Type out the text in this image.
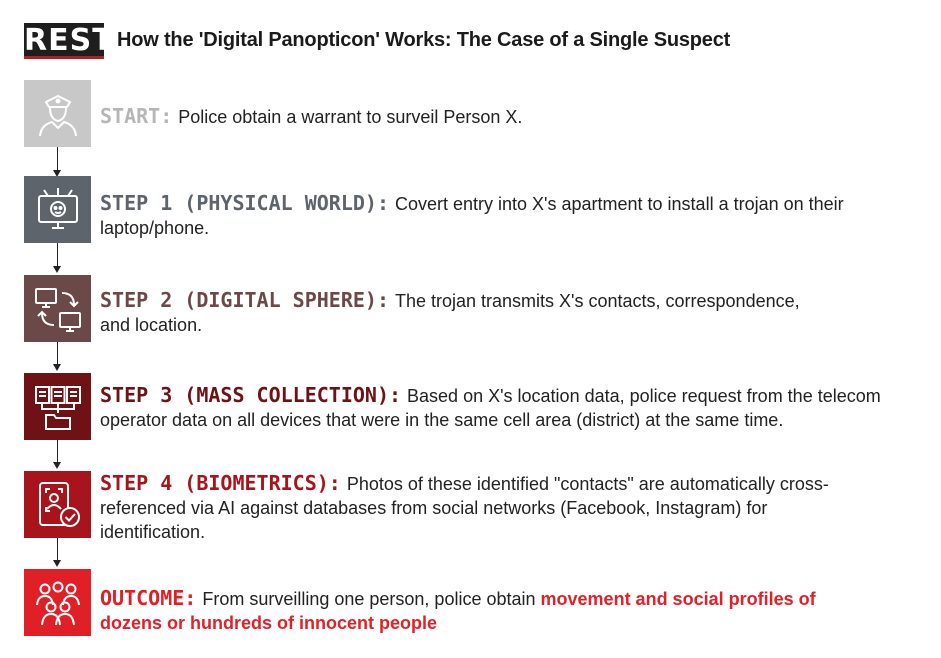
REST How the 'Digital Panopticon' Works: The Case of a Single Suspect
START: Police obtain a warrant to surveil Person X.
STEP 1 (PHYSICAL WORLD): Covert entry into X's apartment to install a trojan on their laptop/phone.
STEP 2 (DIGITAL SPHERE): The trojan transmits X's contacts, correspondence, and location.
STEP 3 (MASS COLLECTION): Based on X's location data, police request from the telecom operator data on all devices that were in the same cell area (district) at the same time.
STEP 4 (BIOMETRICS): Photos of these identified "contacts" are automatically cross-referenced via AI against databases from social networks (Facebook, Instagram) for identification.
OUTCOME: From surveilling one person, police obtain movement and social profiles of dozens or hundreds of innocent people
